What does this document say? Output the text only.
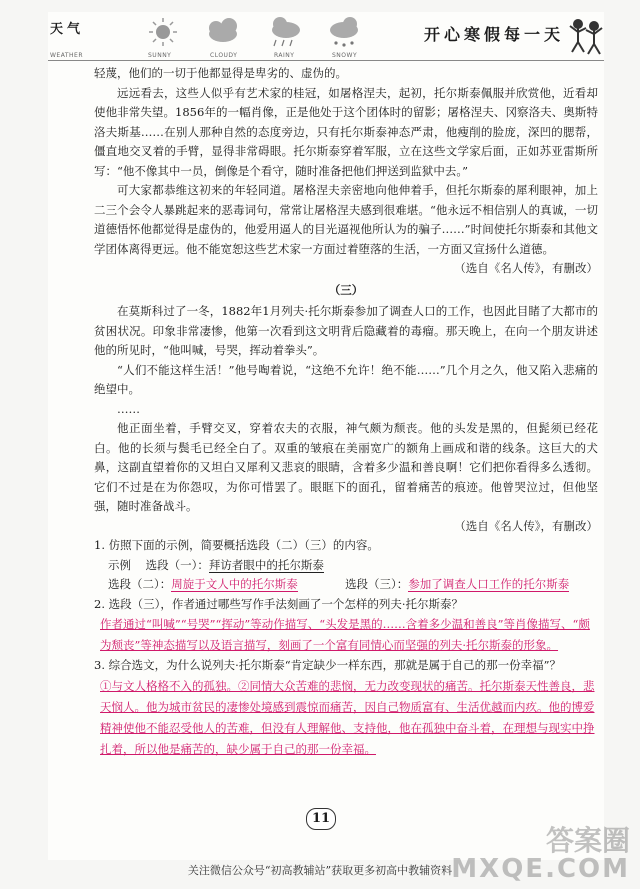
天气
WEATHER	SUNNY	CLOUDY	RAINY	SNOWY
开心寒假每一天

轻蔑，他们的一切于他都显得是卑劣的、虚伪的。

远远看去，这些人似乎有艺术家的桂冠，如屠格涅夫，起初，托尔斯泰佩服并欣赏他，近看却使他非常失望。1856年的一幅肖像，正是他处于这个团体时的留影；屠格涅夫、冈察洛夫、奥斯特洛夫斯基……在别人那种自然的态度旁边，只有托尔斯泰神态严肃，他瘦削的脸庞，深凹的腮帮，僵直地交叉着的手臂，显得非常碍眼。托尔斯泰穿着军服，立在这些文学家后面，正如苏亚雷斯所写：“他不像其中一员，倒像是个看守，随时准备把他们押送到监狱中去。”

可大家都恭维这初来的年轻同道。屠格涅夫亲密地向他伸着手，但托尔斯泰的犀利眼神，加上二三个会令人暴跳起来的恶毒词句，常常让屠格涅夫感到很难堪。“他永远不相信别人的真诚，一切道德悟怀他都觉得是虚伪的，他爱用逼人的目光逼视他所认为的骗子……”时间使托尔斯泰和其他文学团体离得更远。他不能宽恕这些艺术家一方面过着堕落的生活，一方面又宣扬什么道德。

（选自《名人传》，有删改）

（三）

在莫斯科过了一冬，1882年1月列夫·托尔斯泰参加了调查人口的工作，也因此目睹了大都市的贫困状况。印象非常凄惨，他第一次看到这文明背后隐藏着的毒瘤。那天晚上，在向一个朋友讲述他的所见时，“他叫喊，号哭，挥动着拳头”。

“人们不能这样生活！”他号啕着说，“这绝不允许！绝不能……”几个月之久，他又陷入悲痛的绝望中。

……

他正面坐着，手臂交叉，穿着农夫的衣服，神气颇为颓丧。他的头发是黑的，但髭须已经花白。他的长须与鬓毛已经全白了。双重的皱痕在美丽宽广的额角上画成和谐的线条。这巨大的犬鼻，这副直望着你的又坦白又犀利又悲哀的眼睛，含着多少温和善良啊！它们把你看得多么透彻。它们不过是在为你怨叹，为你可惜罢了。眼眶下的面孔，留着痛苦的痕迹。他曾哭泣过，但他坚强，随时准备战斗。

（选自《名人传》，有删改）

1. 仿照下面的示例，简要概括选段（二）（三）的内容。

示例 选段（一）：拜访者眼中的托尔斯泰

选段（二）：周旋于文人中的托尔斯泰	选段（三）：参加了调查人口工作的托尔斯泰

2. 选段（三），作者通过哪些写作手法刻画了一个怎样的列夫·托尔斯泰？

作者通过“叫喊”“号哭”“挥动”等动作描写、“头发是黑的……含着多少温和善良”等肖像描写、“颇为颓丧”等神态描写以及语言描写，刻画了一个富有同情心而坚强的列夫·托尔斯泰的形象。

3. 综合选文，为什么说列夫·托尔斯泰“肯定缺少一样东西，那就是属于自己的那一份幸福”？

①与文人格格不入的孤独。②同情大众苦难的悲悯，无力改变现状的痛苦。托尔斯泰天性善良，悲天悯人。他为城市贫民的凄惨处境感到震惊而痛苦，因自己物质富有、生活优越而内疚。他的博爱精神使他不能忍受他人的苦难，但没有人理解他、支持他，他在孤独中奋斗着，在理想与现实中挣扎着，所以他是痛苦的，缺少属于自己的那一份幸福。

11
关注微信公众号“初高教辅站”获取更多初高中教辅资料
答案圈
MXQE.COM
